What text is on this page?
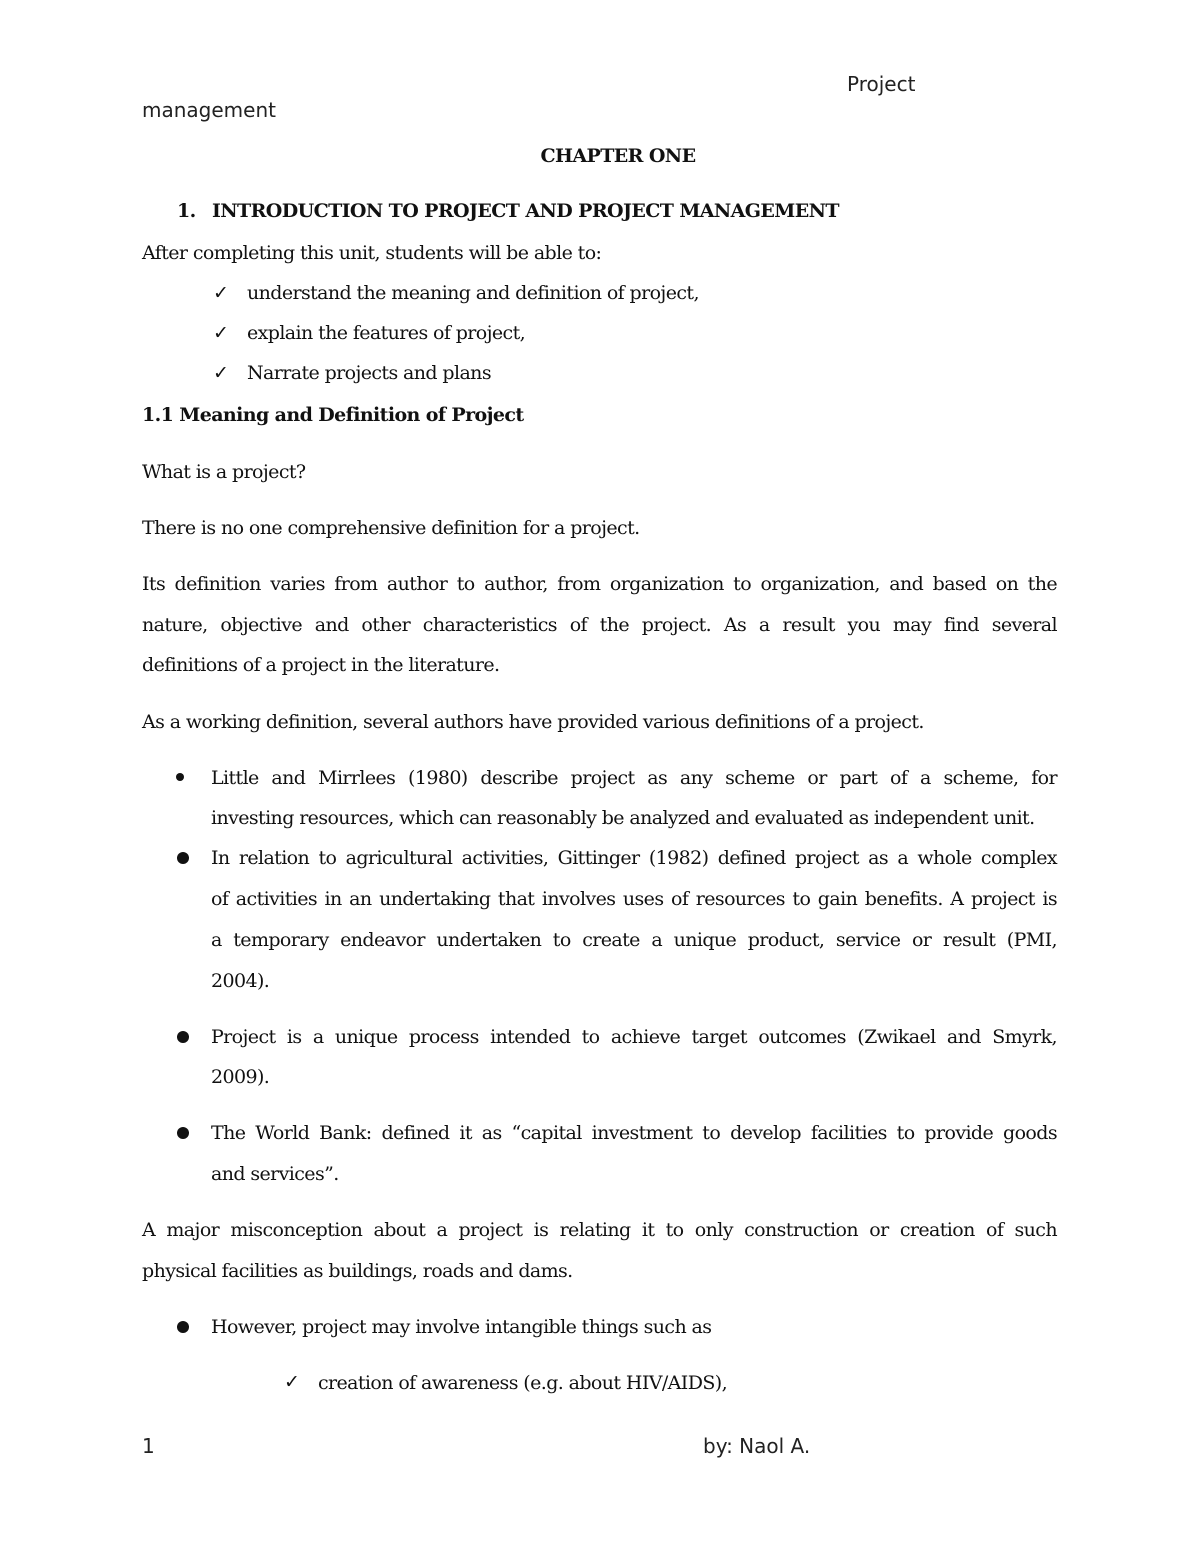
Project
management
CHAPTER ONE
1. INTRODUCTION TO PROJECT AND PROJECT MANAGEMENT
After completing this unit, students will be able to:
✓ understand the meaning and definition of project,
✓ explain the features of project,
✓ Narrate projects and plans
1.1 Meaning and Definition of Project
What is a project?
There is no one comprehensive definition for a project.
Its definition varies from author to author, from organization to organization, and based on the
nature, objective and other characteristics of the project. As a result you may find several
definitions of a project in the literature.
As a working definition, several authors have provided various definitions of a project.
Little and Mirrlees (1980) describe project as any scheme or part of a scheme, for
investing resources, which can reasonably be analyzed and evaluated as independent unit.
In relation to agricultural activities, Gittinger (1982) defined project as a whole complex
of activities in an undertaking that involves uses of resources to gain benefits. A project is
a temporary endeavor undertaken to create a unique product, service or result (PMI,
2004).
Project is a unique process intended to achieve target outcomes (Zwikael and Smyrk,
2009).
The World Bank: defined it as “capital investment to develop facilities to provide goods
and services”.
A major misconception about a project is relating it to only construction or creation of such
physical facilities as buildings, roads and dams.
However, project may involve intangible things such as
✓ creation of awareness (e.g. about HIV/AIDS),
1	by: Naol A.
